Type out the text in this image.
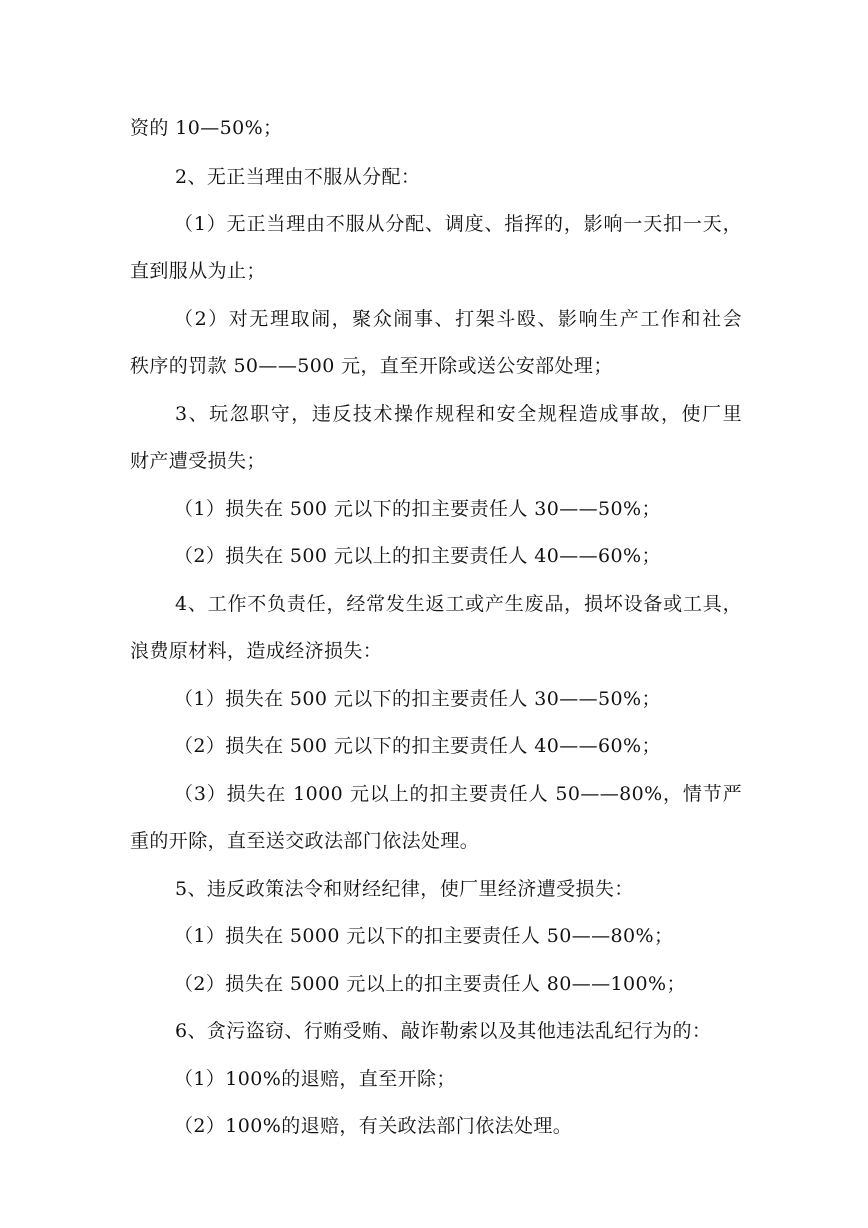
资的 10—50%；
2、无正当理由不服从分配：
（1）无正当理由不服从分配、调度、指挥的，影响一天扣一天，
直到服从为止；
（2）对无理取闹，聚众闹事、打架斗殴、影响生产工作和社会
秩序的罚款 50——500 元，直至开除或送公安部处理；
3、玩忽职守，违反技术操作规程和安全规程造成事故，使厂里
财产遭受损失；
（1）损失在 500 元以下的扣主要责任人 30——50%；
（2）损失在 500 元以上的扣主要责任人 40——60%；
4、工作不负责任，经常发生返工或产生废品，损坏设备或工具，
浪费原材料，造成经济损失：
（1）损失在 500 元以下的扣主要责任人 30——50%；
（2）损失在 500 元以下的扣主要责任人 40——60%；
（3）损失在 1000 元以上的扣主要责任人 50——80%，情节严
重的开除，直至送交政法部门依法处理。
5、违反政策法令和财经纪律，使厂里经济遭受损失：
（1）损失在 5000 元以下的扣主要责任人 50——80%；
（2）损失在 5000 元以上的扣主要责任人 80——100%；
6、贪污盗窃、行贿受贿、敲诈勒索以及其他违法乱纪行为的：
（1）100%的退赔，直至开除；
（2）100%的退赔，有关政法部门依法处理。
